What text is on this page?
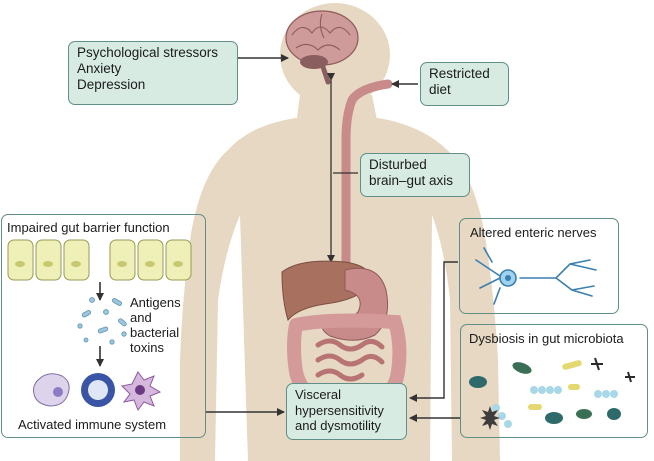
Psychological stressors
Anxiety
Depression
Restricted
diet
Disturbed
brain–gut axis
Visceral
hypersensitivity
and dysmotility
Impaired gut barrier function
Antigens
and
bacterial
toxins
Activated immune system
Altered enteric nerves
Dysbiosis in gut microbiota
